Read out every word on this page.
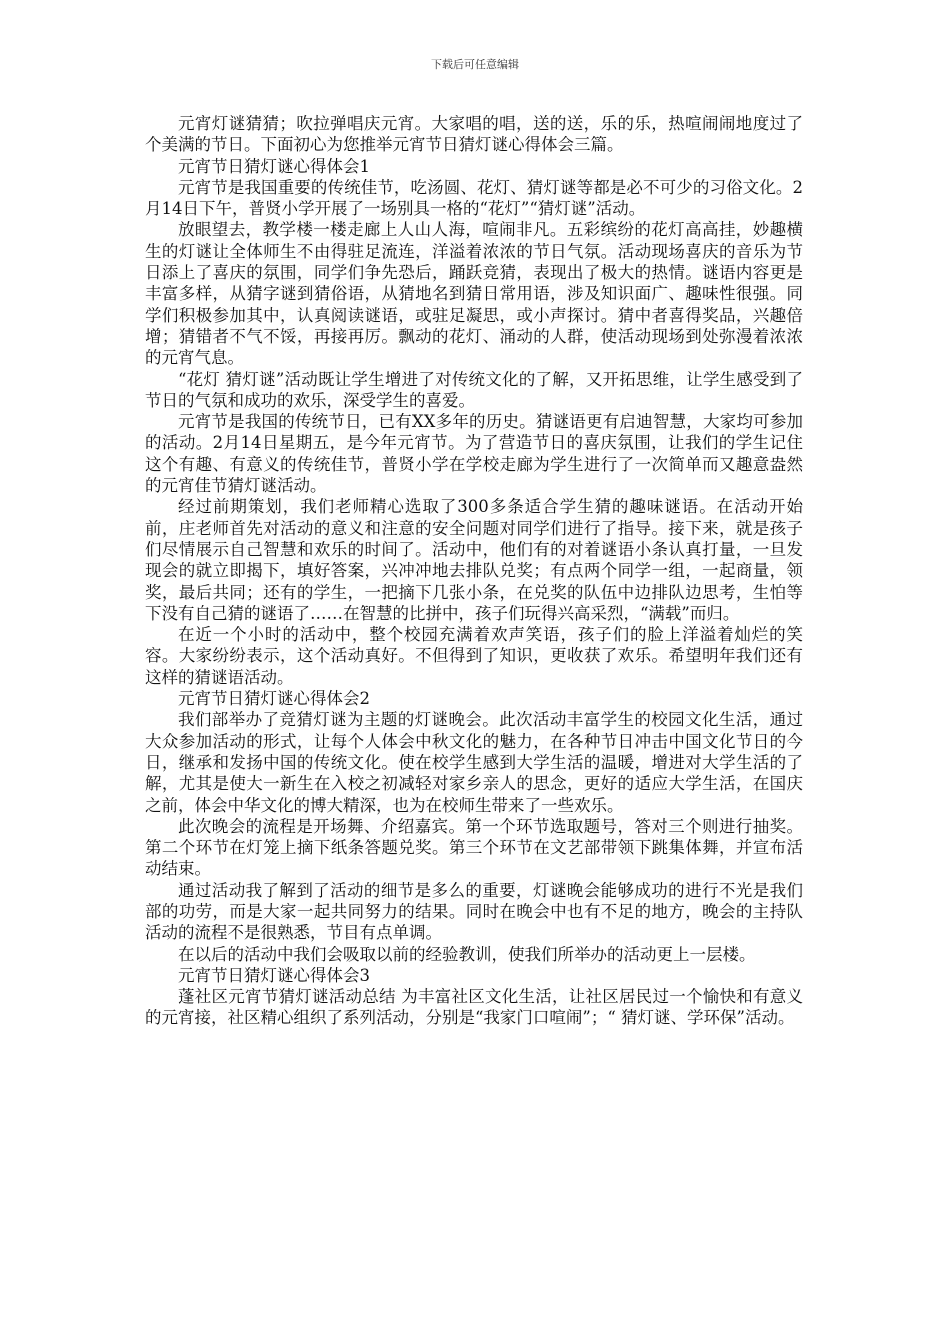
下载后可任意编辑

元宵灯谜猜猜；吹拉弹唱庆元宵。大家唱的唱，送的送，乐的乐，热喧闹闹地度过了个美满的节日。下面初心为您推举元宵节日猜灯谜心得体会三篇。

元宵节日猜灯谜心得体会1

元宵节是我国重要的传统佳节，吃汤圆、花灯、猜灯谜等都是必不可少的习俗文化。2月14日下午，普贤小学开展了一场别具一格的“花灯”“猜灯谜”活动。

放眼望去，教学楼一楼走廊上人山人海，喧闹非凡。五彩缤纷的花灯高高挂，妙趣横生的灯谜让全体师生不由得驻足流连，洋溢着浓浓的节日气氛。活动现场喜庆的音乐为节日添上了喜庆的氛围，同学们争先恐后，踊跃竞猜，表现出了极大的热情。谜语内容更是丰富多样，从猜字谜到猜俗语，从猜地名到猜日常用语，涉及知识面广、趣味性很强。同学们积极参加其中，认真阅读谜语，或驻足凝思，或小声探讨。猜中者喜得奖品，兴趣倍增；猜错者不气不馁，再接再厉。飘动的花灯、涌动的人群，使活动现场到处弥漫着浓浓的元宵气息。

“花灯 猜灯谜”活动既让学生增进了对传统文化的了解，又开拓思维，让学生感受到了节日的气氛和成功的欢乐，深受学生的喜爱。

元宵节是我国的传统节日，已有XX多年的历史。猜谜语更有启迪智慧，大家均可参加的活动。2月14日星期五，是今年元宵节。为了营造节日的喜庆氛围，让我们的学生记住这个有趣、有意义的传统佳节，普贤小学在学校走廊为学生进行了一次简单而又趣意盎然的元宵佳节猜灯谜活动。

经过前期策划，我们老师精心选取了300多条适合学生猜的趣味谜语。在活动开始前，庄老师首先对活动的意义和注意的安全问题对同学们进行了指导。接下来，就是孩子们尽情展示自己智慧和欢乐的时间了。活动中，他们有的对着谜语小条认真打量，一旦发现会的就立即揭下，填好答案，兴冲冲地去排队兑奖；有点两个同学一组，一起商量，领奖，最后共同；还有的学生，一把摘下几张小条，在兑奖的队伍中边排队边思考，生怕等下没有自己猜的谜语了……在智慧的比拼中，孩子们玩得兴高采烈，“满载”而归。

在近一个小时的活动中，整个校园充满着欢声笑语，孩子们的脸上洋溢着灿烂的笑容。大家纷纷表示，这个活动真好。不但得到了知识，更收获了欢乐。希望明年我们还有这样的猜谜语活动。

元宵节日猜灯谜心得体会2

我们部举办了竞猜灯谜为主题的灯谜晚会。此次活动丰富学生的校园文化生活，通过大众参加活动的形式，让每个人体会中秋文化的魅力，在各种节日冲击中国文化节日的今日，继承和发扬中国的传统文化。使在校学生感到大学生活的温暖，增进对大学生活的了解，尤其是使大一新生在入校之初减轻对家乡亲人的思念，更好的适应大学生活，在国庆之前，体会中华文化的博大精深，也为在校师生带来了一些欢乐。

此次晚会的流程是开场舞、介绍嘉宾。第一个环节选取题号，答对三个则进行抽奖。第二个环节在灯笼上摘下纸条答题兑奖。第三个环节在文艺部带领下跳集体舞，并宣布活动结束。

通过活动我了解到了活动的细节是多么的重要，灯谜晚会能够成功的进行不光是我们部的功劳，而是大家一起共同努力的结果。同时在晚会中也有不足的地方，晚会的主持队活动的流程不是很熟悉，节目有点单调。

在以后的活动中我们会吸取以前的经验教训，使我们所举办的活动更上一层楼。

元宵节日猜灯谜心得体会3

蓬社区元宵节猜灯谜活动总结 为丰富社区文化生活，让社区居民过一个愉快和有意义的元宵接，社区精心组织了系列活动，分别是“我家门口喧闹”；“ 猜灯谜、学环保”活动。
